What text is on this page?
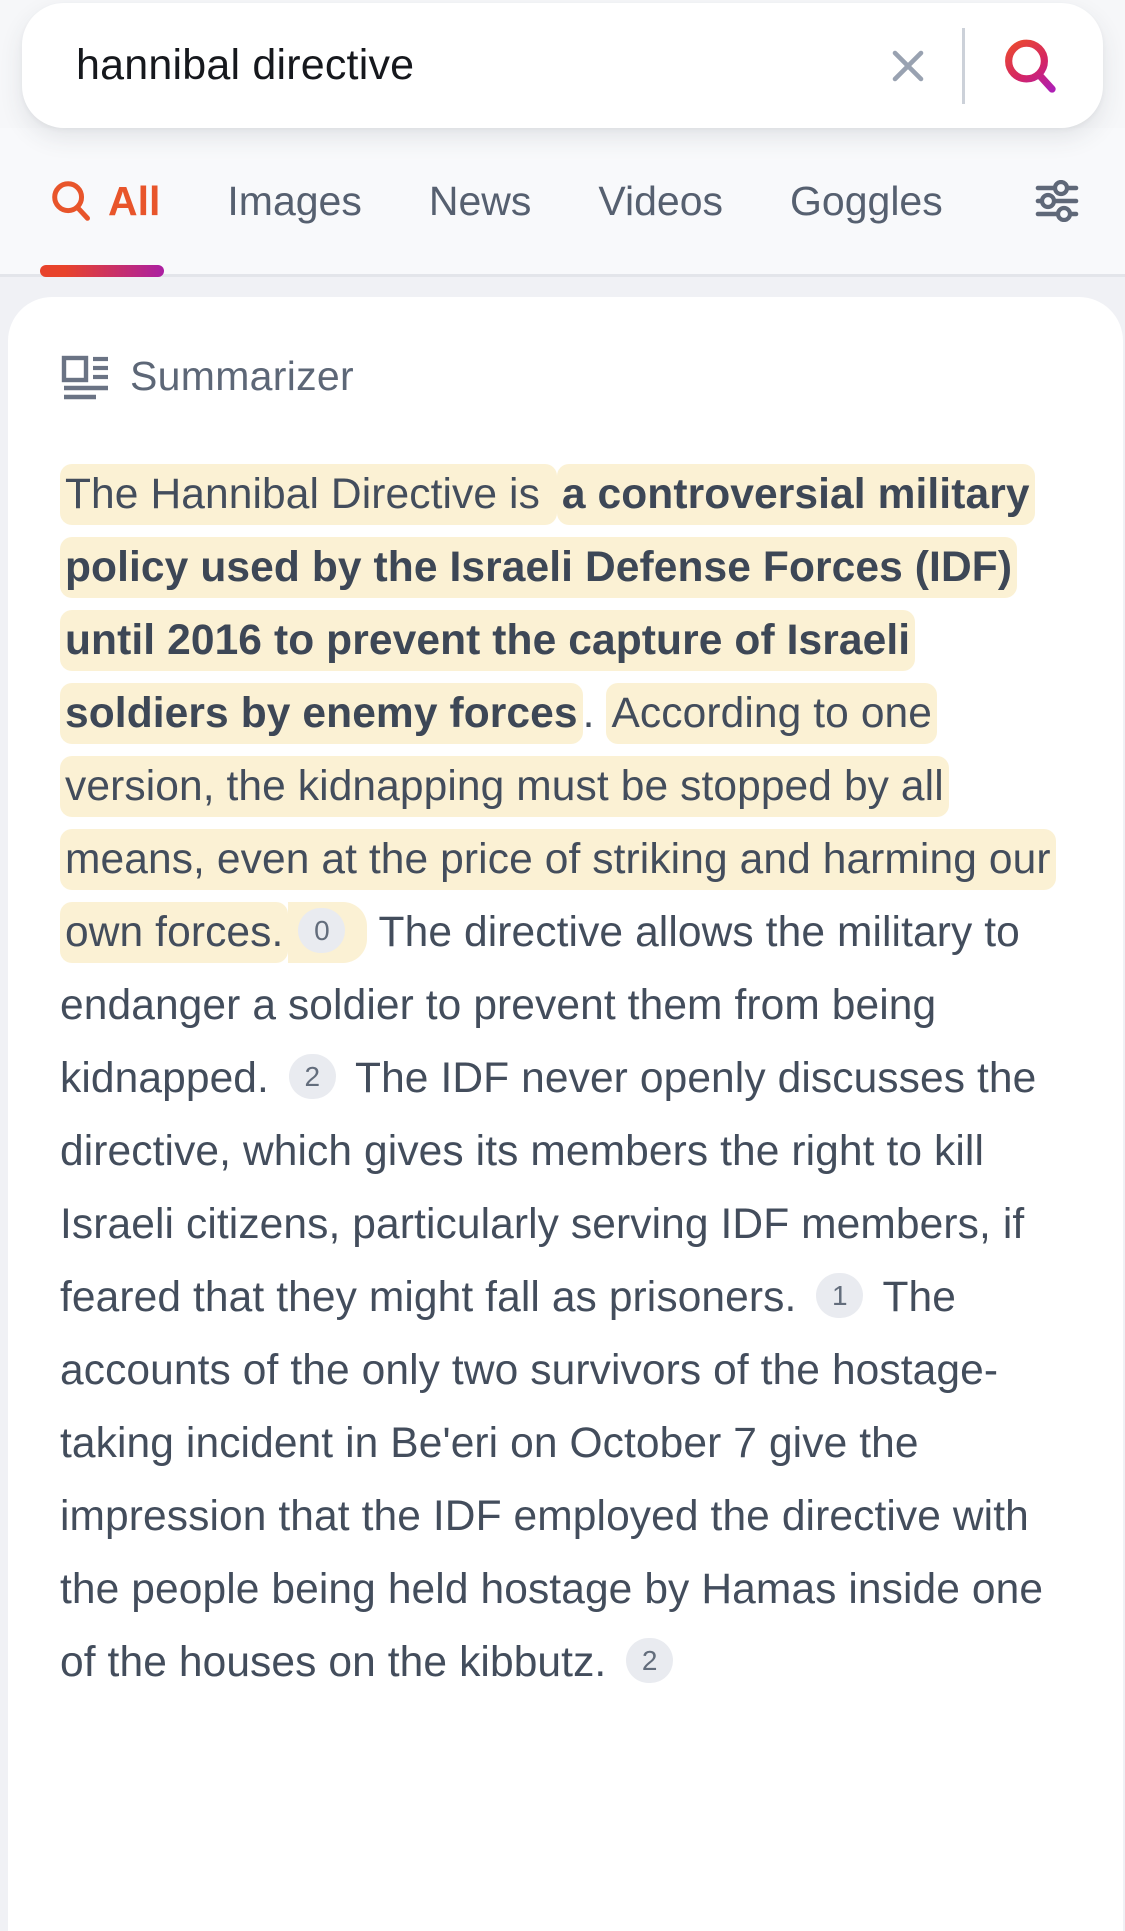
hannibal directive
All Images News Videos Goggles
Summarizer

The Hannibal Directive is a controversial military policy used by the Israeli Defense Forces (IDF) until 2016 to prevent the capture of Israeli soldiers by enemy forces . According to one version, the kidnapping must be stopped by all means, even at the price of striking and harming our own forces. 0 The directive allows the military to endanger a soldier to prevent them from being kidnapped. 2 The IDF never openly discusses the directive, which gives its members the right to kill Israeli citizens, particularly serving IDF members, if feared that they might fall as prisoners. 1 The accounts of the only two survivors of the hostage-taking incident in Be'eri on October 7 give the impression that the IDF employed the directive with the people being held hostage by Hamas inside one of the houses on the kibbutz. 2
